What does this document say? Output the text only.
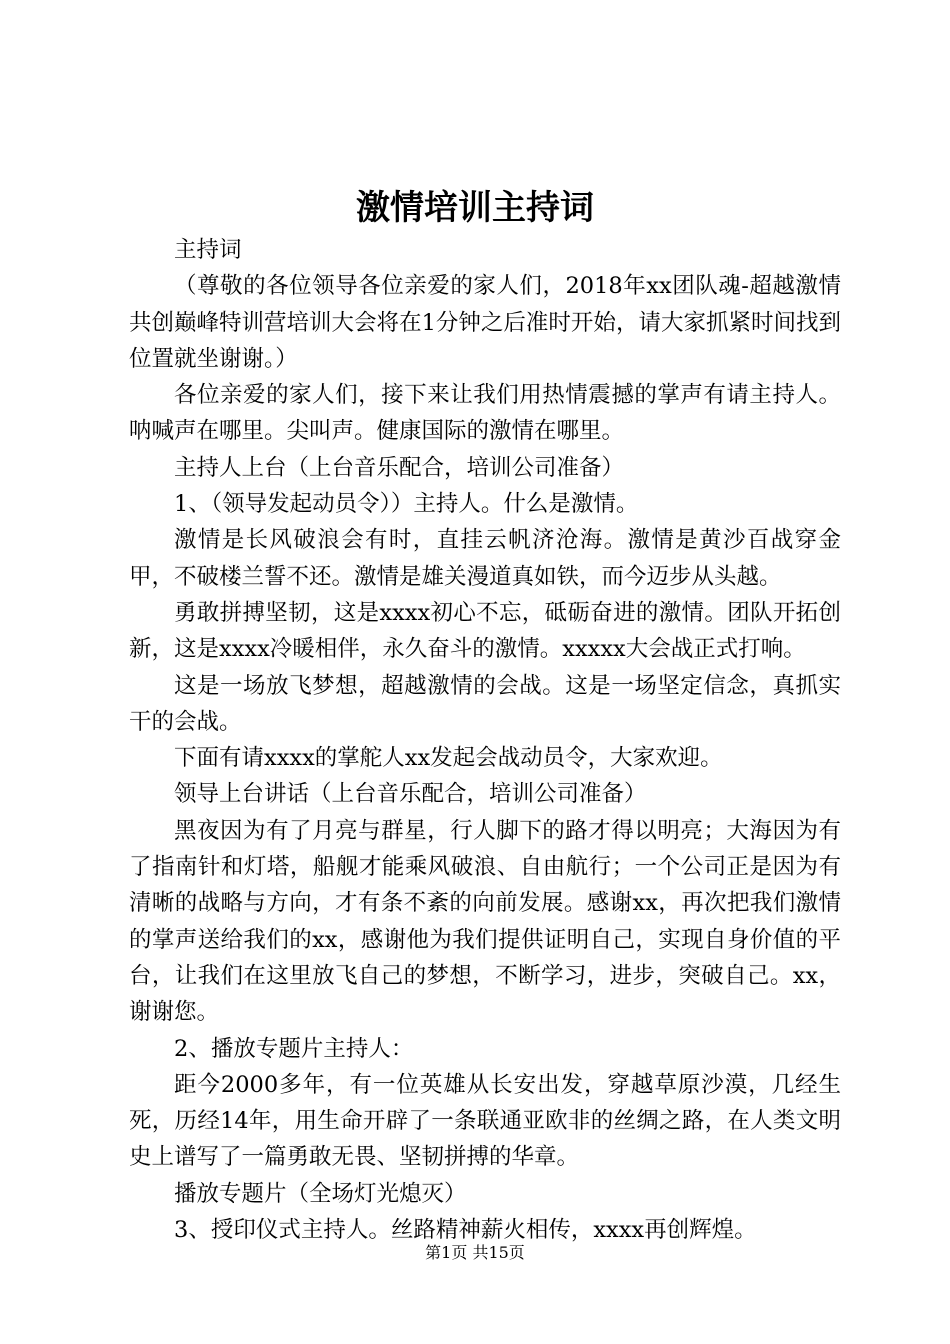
激情培训主持词

主持词

（尊敬的各位领导各位亲爱的家人们，2018年xx团队魂-超越激情共创巅峰特训营培训大会将在1分钟之后准时开始，请大家抓紧时间找到位置就坐谢谢。）

各位亲爱的家人们，接下来让我们用热情震撼的掌声有请主持人。呐喊声在哪里。尖叫声。健康国际的激情在哪里。

主持人上台（上台音乐配合，培训公司准备）

1、（领导发起动员令））主持人。什么是激情。

激情是长风破浪会有时，直挂云帆济沧海。激情是黄沙百战穿金甲，不破楼兰誓不还。激情是雄关漫道真如铁，而今迈步从头越。

勇敢拼搏坚韧，这是xxxx初心不忘，砥砺奋进的激情。团队开拓创新，这是xxxx冷暖相伴，永久奋斗的激情。xxxxx大会战正式打响。

这是一场放飞梦想，超越激情的会战。这是一场坚定信念，真抓实干的会战。

下面有请xxxx的掌舵人xx发起会战动员令，大家欢迎。

领导上台讲话（上台音乐配合，培训公司准备）

黑夜因为有了月亮与群星，行人脚下的路才得以明亮；大海因为有了指南针和灯塔，船舰才能乘风破浪、自由航行；一个公司正是因为有清晰的战略与方向，才有条不紊的向前发展。感谢xx，再次把我们激情的掌声送给我们的xx，感谢他为我们提供证明自己，实现自身价值的平台，让我们在这里放飞自己的梦想，不断学习，进步，突破自己。xx，谢谢您。

2、播放专题片主持人：

距今2000多年，有一位英雄从长安出发，穿越草原沙漠，几经生死，历经14年，用生命开辟了一条联通亚欧非的丝绸之路，在人类文明史上谱写了一篇勇敢无畏、坚韧拼搏的华章。

播放专题片（全场灯光熄灭）

3、授印仪式主持人。丝路精神薪火相传，xxxx再创辉煌。

第1页 共15页
